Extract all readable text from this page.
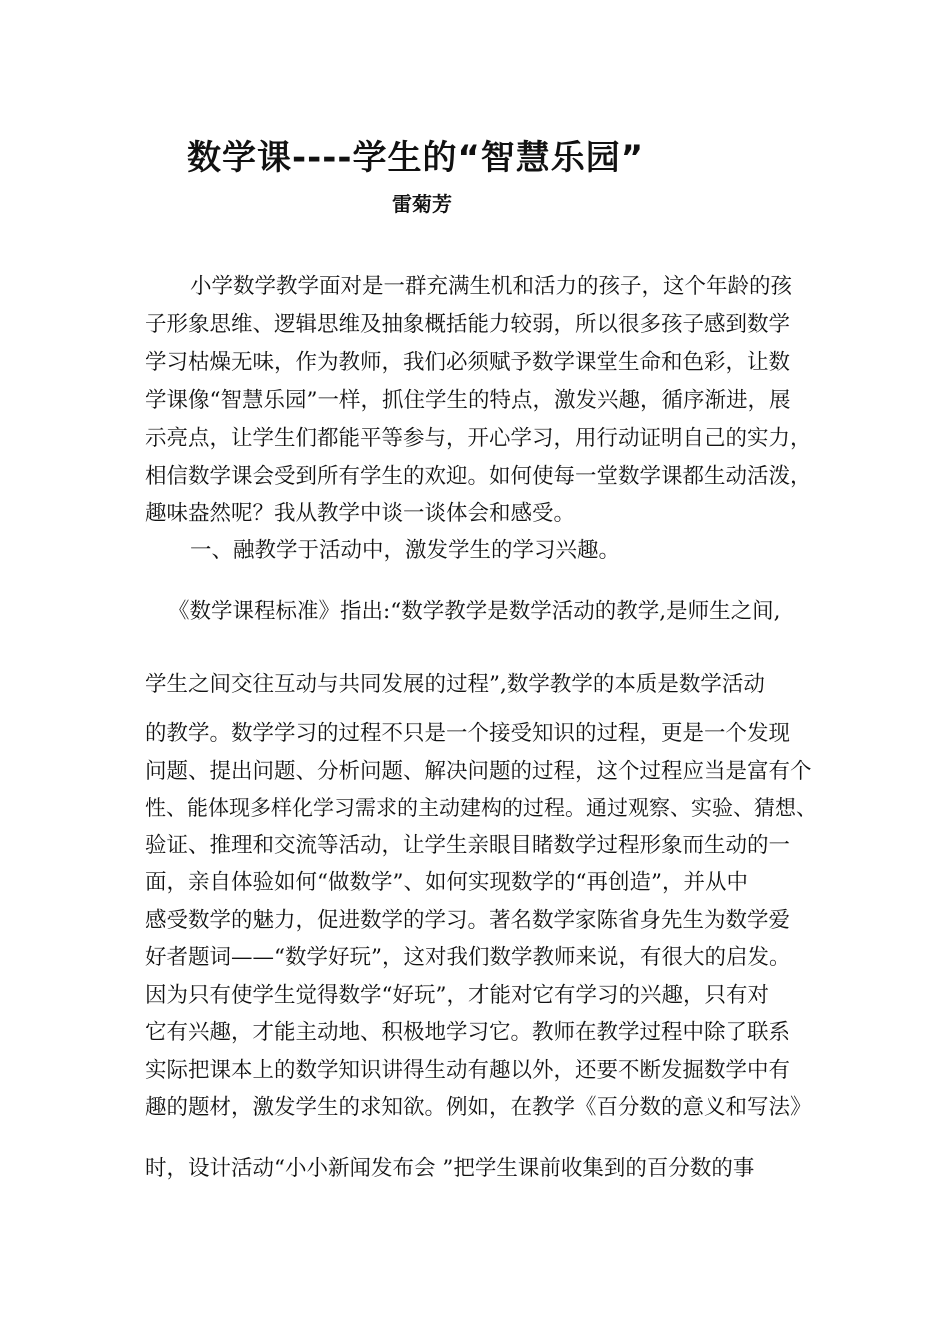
数学课----学生的“智慧乐园”
雷菊芳
小学数学教学面对是一群充满生机和活力的孩子，这个年龄的孩
子形象思维、逻辑思维及抽象概括能力较弱，所以很多孩子感到数学
学习枯燥无味，作为教师，我们必须赋予数学课堂生命和色彩，让数
学课像“智慧乐园”一样，抓住学生的特点，激发兴趣，循序渐进，展
示亮点，让学生们都能平等参与，开心学习，用行动证明自己的实力，
相信数学课会受到所有学生的欢迎。如何使每一堂数学课都生动活泼，
趣味盎然呢？我从教学中谈一谈体会和感受。
一、融教学于活动中，激发学生的学习兴趣。
《数学课程标准》指出:“数学教学是数学活动的教学,是师生之间,
学生之间交往互动与共同发展的过程”,数学教学的本质是数学活动
的教学。数学学习的过程不只是一个接受知识的过程，更是一个发现
问题、提出问题、分析问题、解决问题的过程，这个过程应当是富有个
性、能体现多样化学习需求的主动建构的过程。通过观察、实验、猜想、
验证、推理和交流等活动，让学生亲眼目睹数学过程形象而生动的一
面，亲自体验如何“做数学”、如何实现数学的“再创造”，并从中
感受数学的魅力，促进数学的学习。著名数学家陈省身先生为数学爱
好者题词——“数学好玩”，这对我们数学教师来说，有很大的启发。
因为只有使学生觉得数学“好玩”，才能对它有学习的兴趣，只有对
它有兴趣，才能主动地、积极地学习它。教师在教学过程中除了联系
实际把课本上的数学知识讲得生动有趣以外，还要不断发掘数学中有
趣的题材，激发学生的求知欲。例如，在教学《百分数的意义和写法》
时，设计活动“小小新闻发布会 ”把学生课前收集到的百分数的事
